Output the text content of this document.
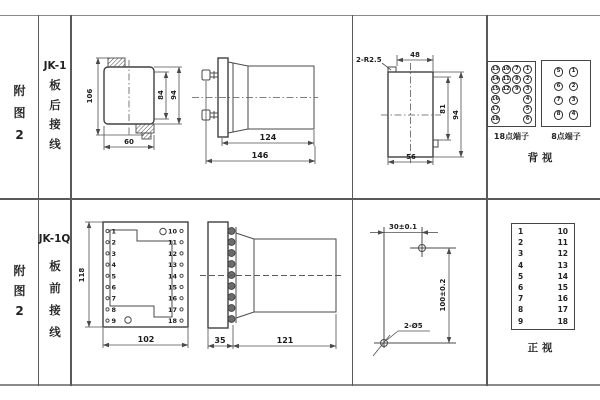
附图2
JK-1
板后接线
106	84 94
60	124
146
2-R2.5
48
81
94
56
13 10	7	1
14 11	8	2
15 12	9	3
16	4
17	5
18	6
5	1
6	2
7	3
8	4
18点端子	8点端子
背 视
附图2
JK-1Q
板前接线
1
2
3
4
5
6
7
8
9
10
11
12
13
14
15
16
17
18
118
102	35	121
30±0.1
100±0.2
2-Ø5
1	10
2	11
3	12
4	13
5	14
6	15
7	16
8	17
9	18
正 视
